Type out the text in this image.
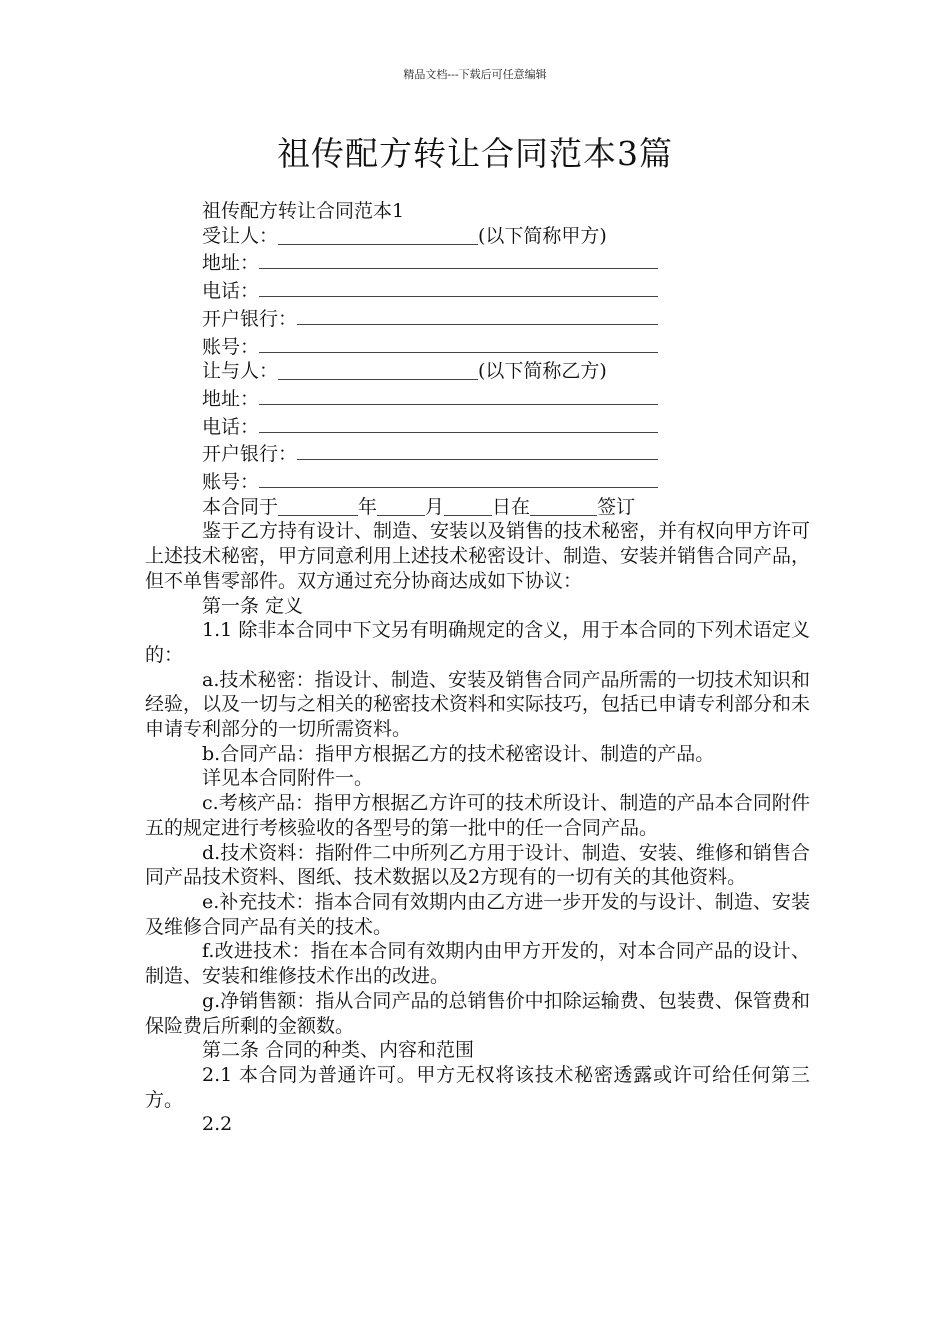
精品文档---下载后可任意编辑
祖传配方转让合同范本3篇
祖传配方转让合同范本1
受让人：	(以下简称甲方)
地址：
电话：
开户银行：
账号：
让与人：	(以下简称乙方)
地址：
电话：
开户银行：
账号：
本合同于	年	月	日在	签订
鉴于乙方持有设计、制造、安装以及销售的技术秘密，并有权向甲方许可上述技术秘密，甲方同意利用上述技术秘密设计、制造、安装并销售合同产品，但不单售零部件。双方通过充分协商达成如下协议：
第一条 定义
1.1 除非本合同中下文另有明确规定的含义，用于本合同的下列术语定义的：
a.技术秘密：指设计、制造、安装及销售合同产品所需的一切技术知识和经验，以及一切与之相关的秘密技术资料和实际技巧，包括已申请专利部分和未申请专利部分的一切所需资料。
b.合同产品：指甲方根据乙方的技术秘密设计、制造的产品。
详见本合同附件一。
c.考核产品：指甲方根据乙方许可的技术所设计、制造的产品本合同附件五的规定进行考核验收的各型号的第一批中的任一合同产品。
d.技术资料：指附件二中所列乙方用于设计、制造、安装、维修和销售合同产品技术资料、图纸、技术数据以及2方现有的一切有关的其他资料。
e.补充技术：指本合同有效期内由乙方进一步开发的与设计、制造、安装及维修合同产品有关的技术。
f.改进技术：指在本合同有效期内由甲方开发的，对本合同产品的设计、制造、安装和维修技术作出的改进。
g.净销售额：指从合同产品的总销售价中扣除运输费、包装费、保管费和保险费后所剩的金额数。
第二条 合同的种类、内容和范围
2.1 本合同为普通许可。甲方无权将该技术秘密透露或许可给任何第三方。
2.2
